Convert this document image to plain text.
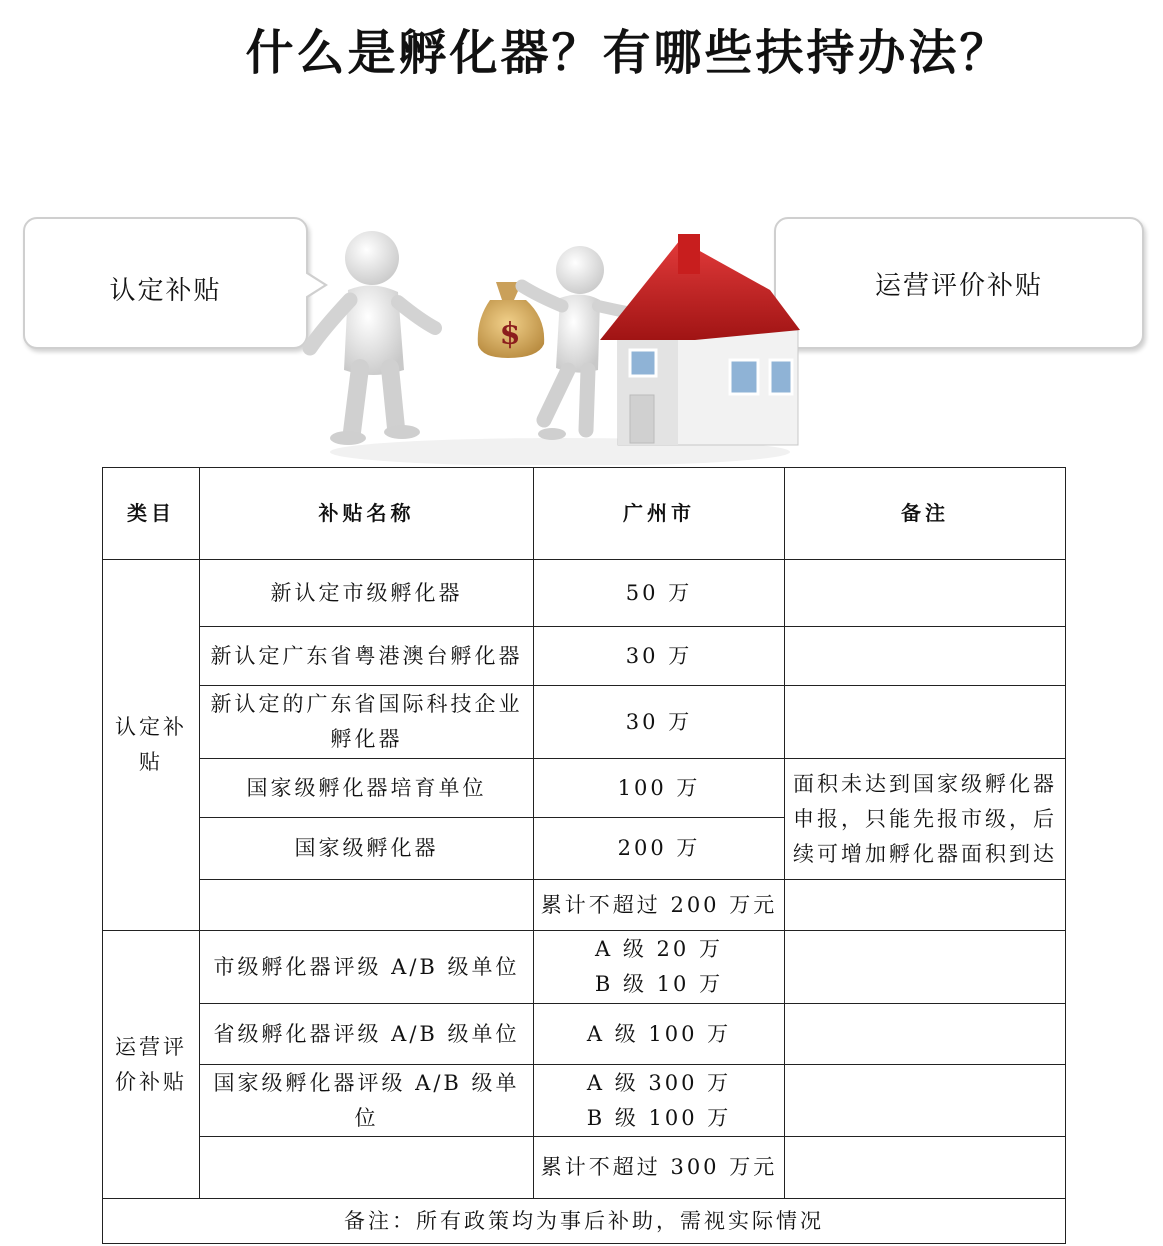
什么是孵化器？有哪些扶持办法？
认定补贴	运营评价补贴
$
类目	补贴名称	广州市	备注
认定补贴	新认定市级孵化器	50 万	
	新认定广东省粤港澳台孵化器	30 万	
	新认定的广东省国际科技企业孵化器	30 万	
	国家级孵化器培育单位	100 万	面积未达到国家级孵化器申报，只能先报市级，后续可增加孵化器面积到达
	国家级孵化器	200 万	
		累计不超过 200 万元	
运营评价补贴	市级孵化器评级 A/B 级单位	A 级 20 万
B 级 10 万	

	省级孵化器评级 A/B 级单位	A 级 100 万	
	国家级孵化器评级 A/B 级单位	A 级 300 万
B 级 100 万	

		累计不超过 300 万元	
备注：所有政策均为事后补助，需视实际情况			
